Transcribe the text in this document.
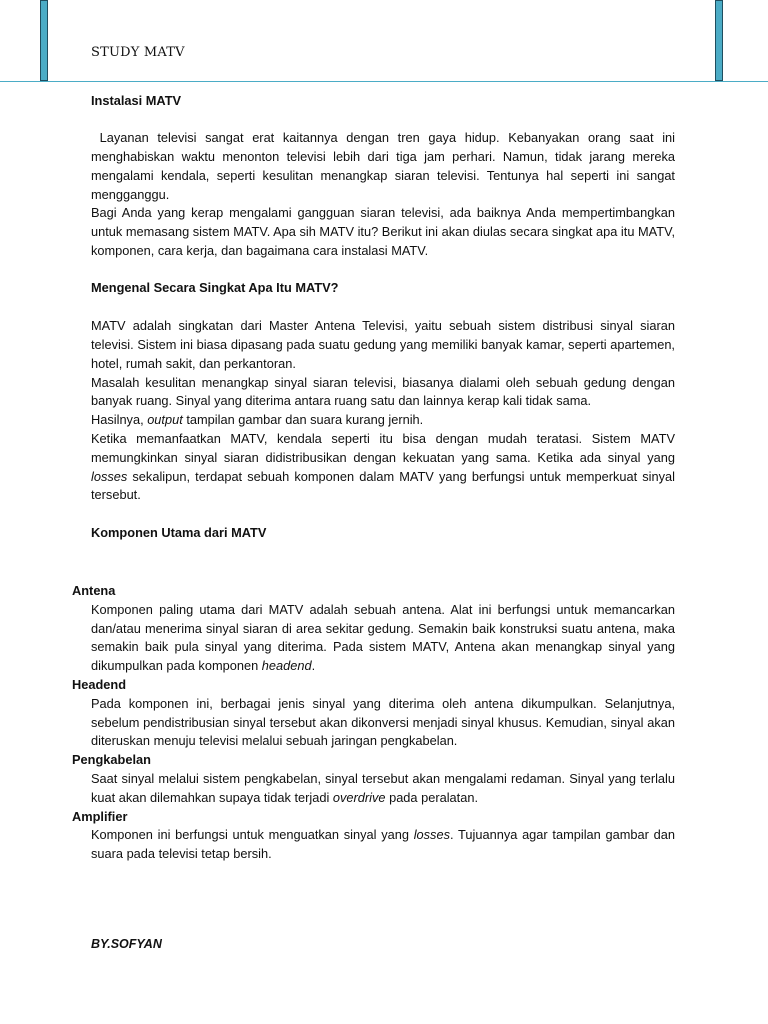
STUDY MATV

Instalasi MATV

Layanan televisi sangat erat kaitannya dengan tren gaya hidup. Kebanyakan orang saat ini menghabiskan waktu menonton televisi lebih dari tiga jam perhari. Namun, tidak jarang mereka mengalami kendala, seperti kesulitan menangkap siaran televisi. Tentunya hal seperti ini sangat mengganggu.

Bagi Anda yang kerap mengalami gangguan siaran televisi, ada baiknya Anda mempertimbangkan untuk memasang sistem MATV. Apa sih MATV itu? Berikut ini akan diulas secara singkat apa itu MATV, komponen, cara kerja, dan bagaimana cara instalasi MATV.

Mengenal Secara Singkat Apa Itu MATV?

MATV adalah singkatan dari Master Antena Televisi, yaitu sebuah sistem distribusi sinyal siaran televisi. Sistem ini biasa dipasang pada suatu gedung yang memiliki banyak kamar, seperti apartemen, hotel, rumah sakit, dan perkantoran.

Masalah kesulitan menangkap sinyal siaran televisi, biasanya dialami oleh sebuah gedung dengan banyak ruang. Sinyal yang diterima antara ruang satu dan lainnya kerap kali tidak sama.

Hasilnya, output tampilan gambar dan suara kurang jernih.

Ketika memanfaatkan MATV, kendala seperti itu bisa dengan mudah teratasi. Sistem MATV memungkinkan sinyal siaran didistribusikan dengan kekuatan yang sama. Ketika ada sinyal yang losses sekalipun, terdapat sebuah komponen dalam MATV yang berfungsi untuk memperkuat sinyal tersebut.

Komponen Utama dari MATV

Antena

Komponen paling utama dari MATV adalah sebuah antena. Alat ini berfungsi untuk memancarkan dan/atau menerima sinyal siaran di area sekitar gedung. Semakin baik konstruksi suatu antena, maka semakin baik pula sinyal yang diterima. Pada sistem MATV, Antena akan menangkap sinyal yang dikumpulkan pada komponen headend.

Headend

Pada komponen ini, berbagai jenis sinyal yang diterima oleh antena dikumpulkan. Selanjutnya, sebelum pendistribusian sinyal tersebut akan dikonversi menjadi sinyal khusus. Kemudian, sinyal akan diteruskan menuju televisi melalui sebuah jaringan pengkabelan.

Pengkabelan

Saat sinyal melalui sistem pengkabelan, sinyal tersebut akan mengalami redaman. Sinyal yang terlalu kuat akan dilemahkan supaya tidak terjadi overdrive pada peralatan.

Amplifier

Komponen ini berfungsi untuk menguatkan sinyal yang losses. Tujuannya agar tampilan gambar dan suara pada televisi tetap bersih.

BY.SOFYAN
